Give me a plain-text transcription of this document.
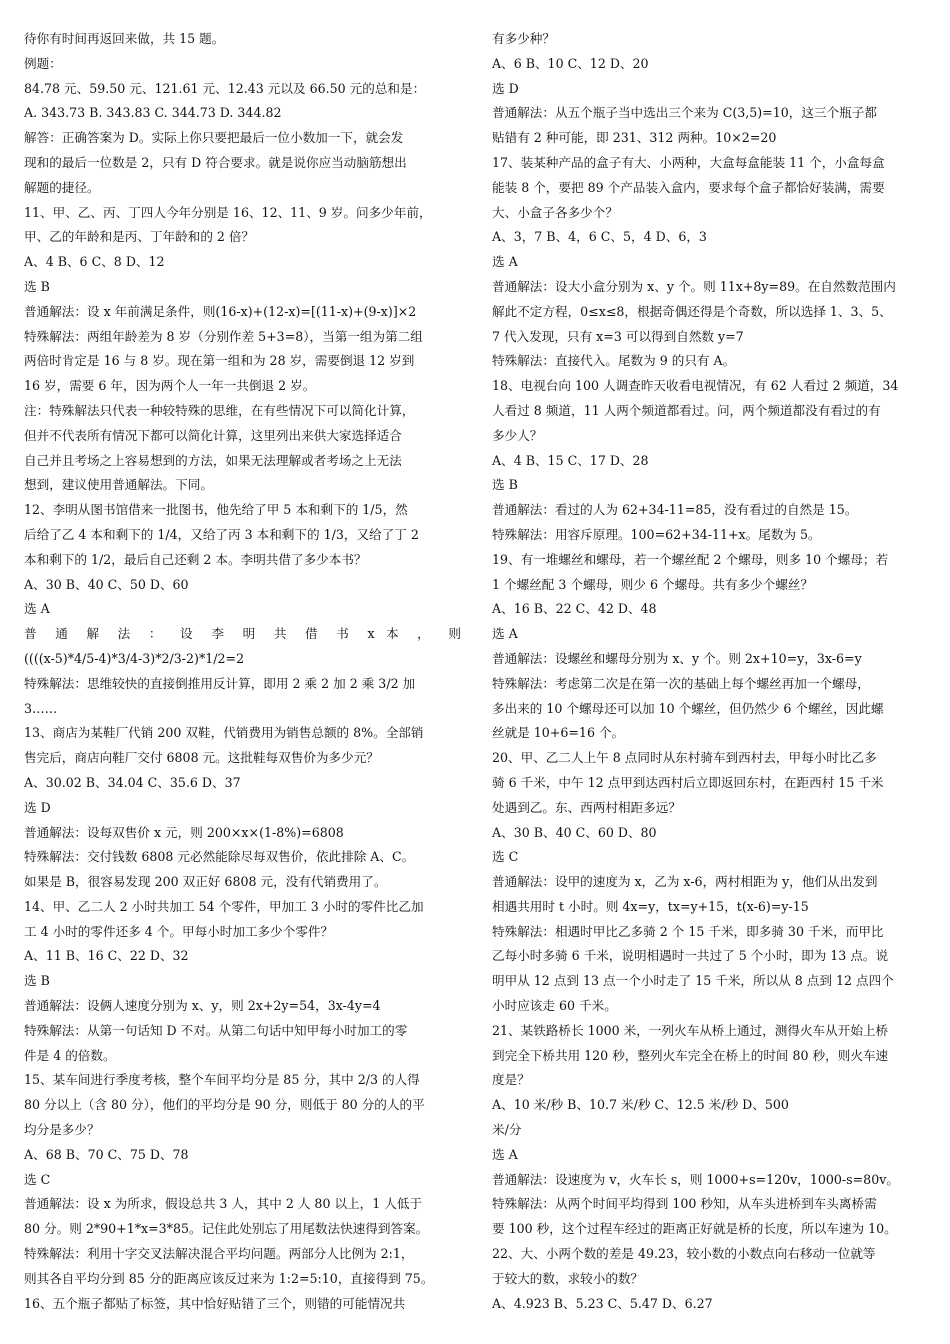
待你有时间再返回来做，共 15 题。
例题：
84.78 元、59.50 元、121.61 元、12.43 元以及 66.50 元的总和是：
A. 343.73 B. 343.83 C. 344.73 D. 344.82
解答：正确答案为 D。实际上你只要把最后一位小数加一下，就会发
现和的最后一位数是 2，只有 D 符合要求。就是说你应当动脑筋想出
解题的捷径。
11、甲、乙、丙、丁四人今年分别是 16、12、11、9 岁。问多少年前，
甲、乙的年龄和是丙、丁年龄和的 2 倍？
A、4 B、6 C、8 D、12
选 B
普通解法：设 x 年前满足条件，则(16-x)+(12-x)=[(11-x)+(9-x)]×2
特殊解法：两组年龄差为 8 岁（分别作差 5+3=8），当第一组为第二组
两倍时肯定是 16 与 8 岁。现在第一组和为 28 岁，需要倒退 12 岁到
16 岁，需要 6 年，因为两个人一年一共倒退 2 岁。
注：特殊解法只代表一种较特殊的思维，在有些情况下可以简化计算，
但并不代表所有情况下都可以简化计算，这里列出来供大家选择适合
自己并且考场之上容易想到的方法，如果无法理解或者考场之上无法
想到，建议使用普通解法。下同。
12、李明从图书馆借来一批图书，他先给了甲 5 本和剩下的 1/5，然
后给了乙 4 本和剩下的 1/4，又给了丙 3 本和剩下的 1/3，又给了丁 2
本和剩下的 1/2，最后自己还剩 2 本。李明共借了多少本书？
A、30 B、40 C、50 D、60
选 A
普 通 解 法 ： 设 李 明 共 借 书 x 本 ， 则
((((x-5)*4/5-4)*3/4-3)*2/3-2)*1/2=2
特殊解法：思维较快的直接倒推用反计算，即用 2 乘 2 加 2 乘 3/2 加
3……
13、商店为某鞋厂代销 200 双鞋，代销费用为销售总额的 8%。全部销
售完后，商店向鞋厂交付 6808 元。这批鞋每双售价为多少元？
A、30.02 B、34.04 C、35.6 D、37
选 D
普通解法：设每双售价 x 元，则 200×x×(1-8%)=6808
特殊解法：交付钱数 6808 元必然能除尽每双售价，依此排除 A、C。
如果是 B，很容易发现 200 双正好 6808 元，没有代销费用了。
14、甲、乙二人 2 小时共加工 54 个零件，甲加工 3 小时的零件比乙加
工 4 小时的零件还多 4 个。甲每小时加工多少个零件？
A、11 B、16 C、22 D、32
选 B
普通解法：设俩人速度分别为 x、y，则 2x+2y=54，3x-4y=4
特殊解法：从第一句话知 D 不对。从第二句话中知甲每小时加工的零
件是 4 的倍数。
15、某车间进行季度考核，整个车间平均分是 85 分，其中 2/3 的人得
80 分以上（含 80 分），他们的平均分是 90 分，则低于 80 分的人的平
均分是多少？
A、68 B、70 C、75 D、78
选 C
普通解法：设 x 为所求，假设总共 3 人，其中 2 人 80 以上，1 人低于
80 分。则 2*90+1*x=3*85。记住此处别忘了用尾数法快速得到答案。
特殊解法：利用十字交叉法解决混合平均问题。两部分人比例为 2:1，
则其各自平均分到 85 分的距离应该反过来为 1:2=5:10，直接得到 75。
16、五个瓶子都贴了标签，其中恰好贴错了三个，则错的可能情况共
有多少种？
A、6 B、10 C、12 D、20
选 D
普通解法：从五个瓶子当中选出三个来为 C(3,5)=10，这三个瓶子都
贴错有 2 种可能，即 231、312 两种。10×2=20
17、装某种产品的盒子有大、小两种，大盒每盒能装 11 个，小盒每盒
能装 8 个，要把 89 个产品装入盒内，要求每个盒子都恰好装满，需要
大、小盒子各多少个？
A、3，7 B、4，6 C、5，4 D、6，3
选 A
普通解法：设大小盒分别为 x、y 个。则 11x+8y=89。在自然数范围内
解此不定方程，0≤x≤8，根据奇偶还得是个奇数，所以选择 1、3、5、
7 代入发现，只有 x=3 可以得到自然数 y=7
特殊解法：直接代入。尾数为 9 的只有 A。
18、电视台向 100 人调查昨天收看电视情况，有 62 人看过 2 频道，34
人看过 8 频道，11 人两个频道都看过。问，两个频道都没有看过的有
多少人？
A、4 B、15 C、17 D、28
选 B
普通解法：看过的人为 62+34-11=85，没有看过的自然是 15。
特殊解法：用容斥原理。100=62+34-11+x。尾数为 5。
19、有一堆螺丝和螺母，若一个螺丝配 2 个螺母，则多 10 个螺母；若
1 个螺丝配 3 个螺母，则少 6 个螺母。共有多少个螺丝？
A、16 B、22 C、42 D、48
选 A
普通解法：设螺丝和螺母分别为 x、y 个。则 2x+10=y，3x-6=y
特殊解法：考虑第二次是在第一次的基础上每个螺丝再加一个螺母，
多出来的 10 个螺母还可以加 10 个螺丝，但仍然少 6 个螺丝，因此螺
丝就是 10+6=16 个。
20、甲、乙二人上午 8 点同时从东村骑车到西村去，甲每小时比乙多
骑 6 千米，中午 12 点甲到达西村后立即返回东村，在距西村 15 千米
处遇到乙。东、西两村相距多远？
A、30 B、40 C、60 D、80
选 C
普通解法：设甲的速度为 x，乙为 x-6，两村相距为 y，他们从出发到
相遇共用时 t 小时。则 4x=y，tx=y+15，t(x-6)=y-15
特殊解法：相遇时甲比乙多骑 2 个 15 千米，即多骑 30 千米，而甲比
乙每小时多骑 6 千米，说明相遇时一共过了 5 个小时，即为 13 点。说
明甲从 12 点到 13 点一个小时走了 15 千米，所以从 8 点到 12 点四个
小时应该走 60 千米。
21、某铁路桥长 1000 米，一列火车从桥上通过，测得火车从开始上桥
到完全下桥共用 120 秒，整列火车完全在桥上的时间 80 秒，则火车速
度是？
A、10 米/秒 B、10.7 米/秒 C、12.5 米/秒 D、500
米/分
选 A
普通解法：设速度为 v，火车长 s，则 1000+s=120v，1000-s=80v。
特殊解法：从两个时间平均得到 100 秒知，从车头进桥到车头离桥需
要 100 秒，这个过程车经过的距离正好就是桥的长度，所以车速为 10。
22、大、小两个数的差是 49.23，较小数的小数点向右移动一位就等
于较大的数，求较小的数？
A、4.923 B、5.23 C、5.47 D、6.27
